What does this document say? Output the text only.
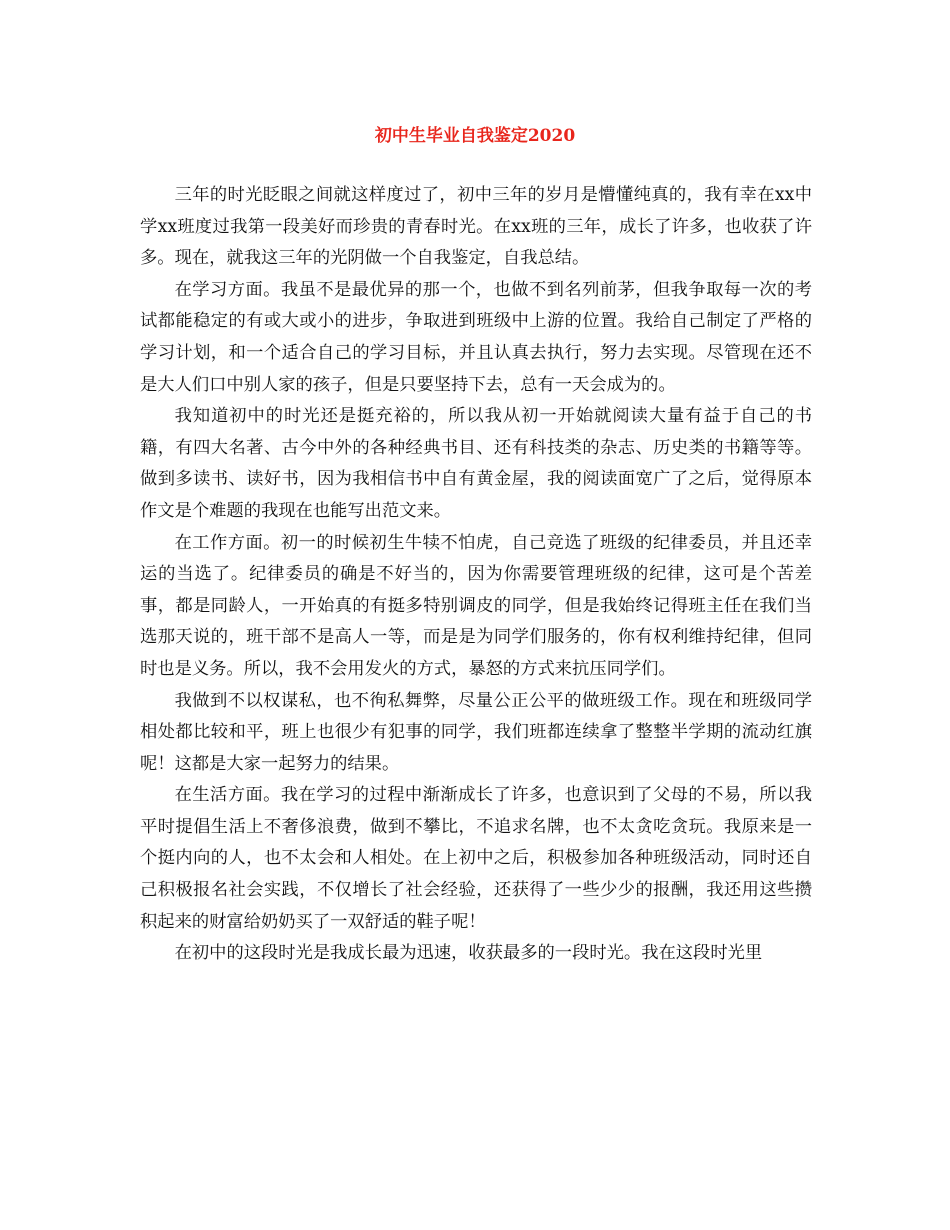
初中生毕业自我鉴定2020

三年的时光眨眼之间就这样度过了，初中三年的岁月是懵懂纯真的，我有幸在xx中学xx班度过我第一段美好而珍贵的青春时光。在xx班的三年，成长了许多，也收获了许多。现在，就我这三年的光阴做一个自我鉴定，自我总结。

在学习方面。我虽不是最优异的那一个，也做不到名列前茅，但我争取每一次的考试都能稳定的有或大或小的进步，争取进到班级中上游的位置。我给自己制定了严格的学习计划，和一个适合自己的学习目标，并且认真去执行，努力去实现。尽管现在还不是大人们口中别人家的孩子，但是只要坚持下去，总有一天会成为的。

我知道初中的时光还是挺充裕的，所以我从初一开始就阅读大量有益于自己的书籍，有四大名著、古今中外的各种经典书目、还有科技类的杂志、历史类的书籍等等。做到多读书、读好书，因为我相信书中自有黄金屋，我的阅读面宽广了之后，觉得原本作文是个难题的我现在也能写出范文来。

在工作方面。初一的时候初生牛犊不怕虎，自己竞选了班级的纪律委员，并且还幸运的当选了。纪律委员的确是不好当的，因为你需要管理班级的纪律，这可是个苦差事，都是同龄人，一开始真的有挺多特别调皮的同学，但是我始终记得班主任在我们当选那天说的，班干部不是高人一等，而是是为同学们服务的，你有权利维持纪律，但同时也是义务。所以，我不会用发火的方式，暴怒的方式来抗压同学们。

我做到不以权谋私，也不徇私舞弊，尽量公正公平的做班级工作。现在和班级同学相处都比较和平，班上也很少有犯事的同学，我们班都连续拿了整整半学期的流动红旗呢！这都是大家一起努力的结果。

在生活方面。我在学习的过程中渐渐成长了许多，也意识到了父母的不易，所以我平时提倡生活上不奢侈浪费，做到不攀比，不追求名牌，也不太贪吃贪玩。我原来是一个挺内向的人，也不太会和人相处。在上初中之后，积极参加各种班级活动，同时还自己积极报名社会实践，不仅增长了社会经验，还获得了一些少少的报酬，我还用这些攒积起来的财富给奶奶买了一双舒适的鞋子呢！

在初中的这段时光是我成长最为迅速，收获最多的一段时光。我在这段时光里
